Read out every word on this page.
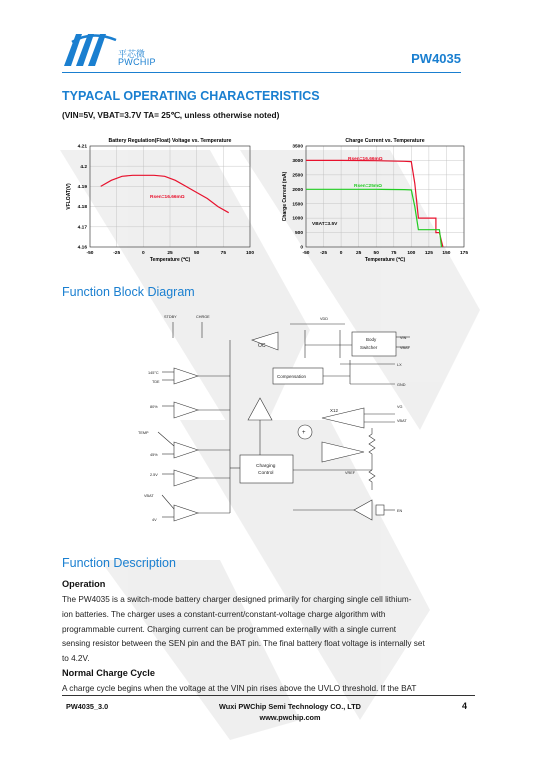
平芯微
PWCHIP	PW4035
TYPACAL OPERATING CHARACTERISTICS
(VIN=5V, VBAT=3.7V TA= 25℃, unless otherwise noted)
Battery Regulation(Float) Voltage vs. Temperature
4.16
4.17
4.18
4.19
4.2
4.21
-50	-25	0	25	50	75	100
Temperature (℃)
VFLOAT(V)	Rsen=16.66mΩ
Charge Current vs. Temperature
0
500
1000
1500
2000
2500
3000
3500
-50 -25	0	25	50	75 100 125 150 175
Temperature (℃)
Charge Current (mA)
Rsen=16.66mΩ
Rsen=25mΩ
VBAT=3.5V
Function Block Diagram
STDBY	CHRGE	VDD
OC
Body
Switcher
Compensation
VIN
VBAT
LX
GND
VG
VBAT
EN
145°C
TDE
80%
TEMP
45%
2.5V
VBAT
4V
Charging
Control
X12
VREF
+
Function Description
Operation
The PW4035 is a switch-mode battery charger designed primarily for charging single cell lithium-
ion batteries. The charger uses a constant-current/constant-voltage charge algorithm with
programmable current. Charging current can be programmed externally with a single current
sensing resistor between the SEN pin and the BAT pin. The final battery float voltage is internally set
to 4.2V.
Normal Charge Cycle
A charge cycle begins when the voltage at the VIN pin rises above the UVLO threshold. If the BAT
PW4035_3.0	Wuxi PWChip Semi Technology CO., LTD
www.pwchip.com
4
